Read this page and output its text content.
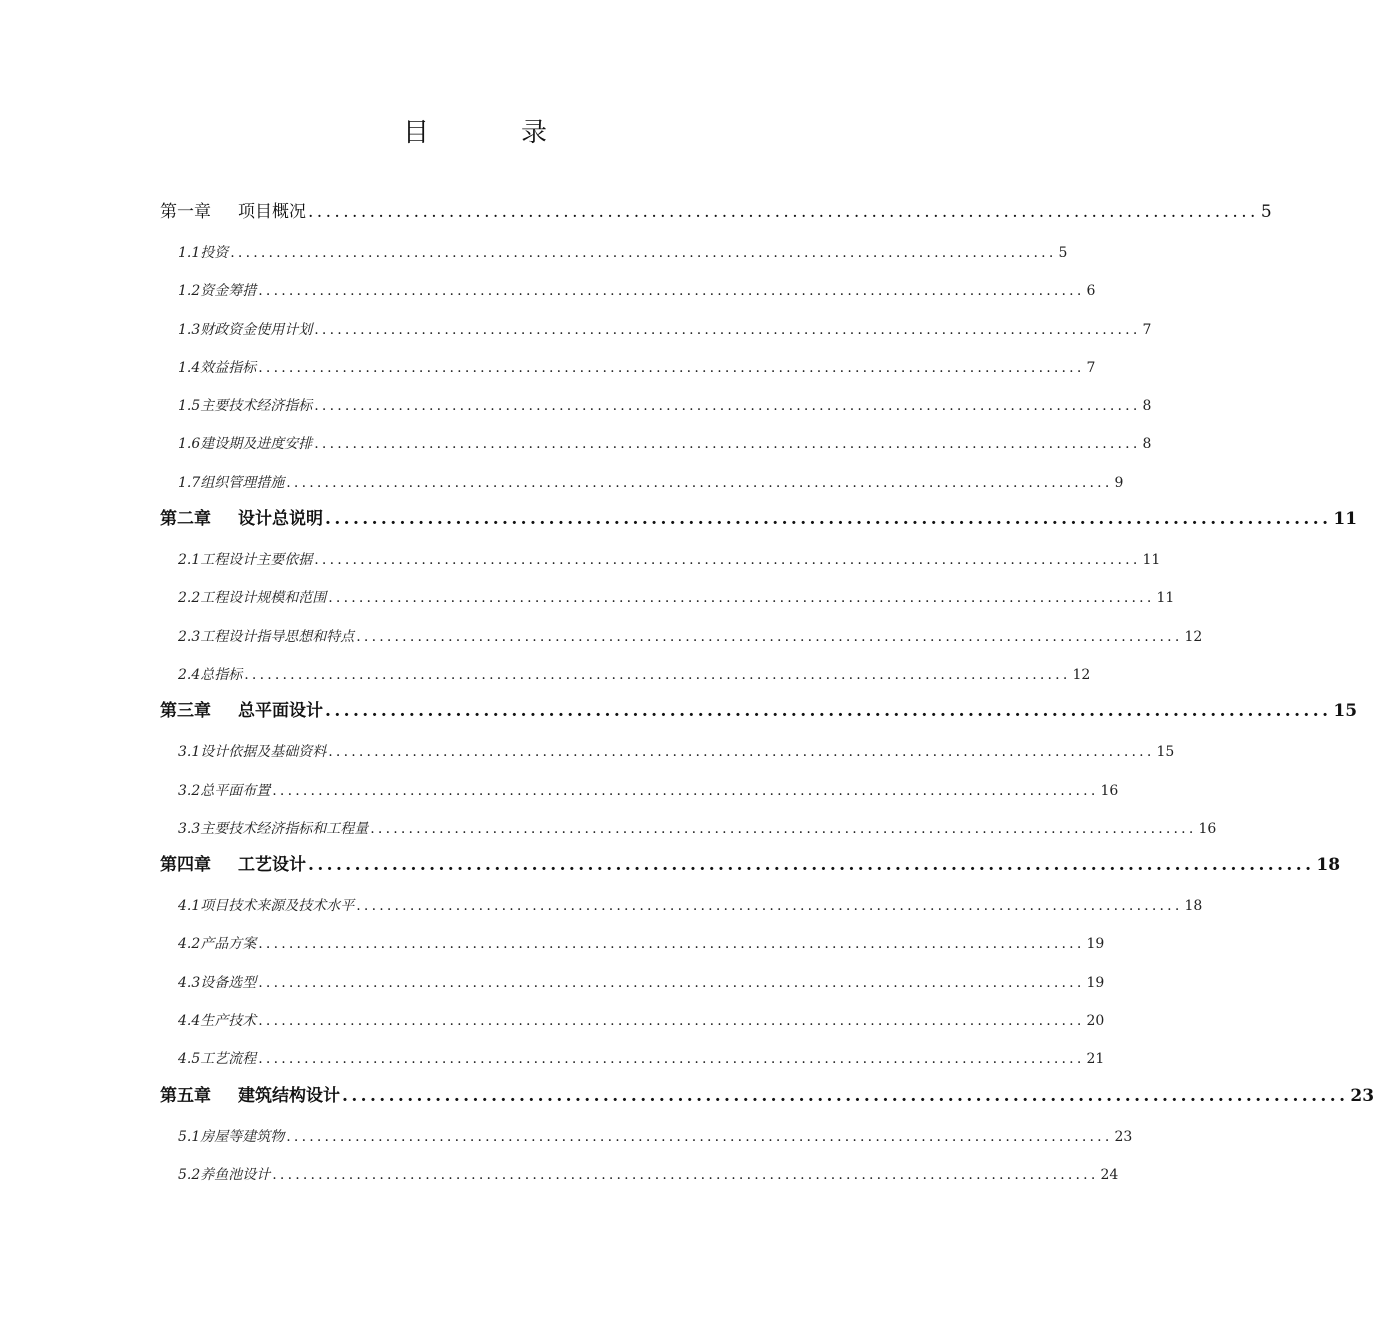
目	录
第一章 项目概况 ............................................................................................................ 5
1.1投资 ............................................................................................................ 5
1.2资金筹措 ............................................................................................................ 6
1.3财政资金使用计划 ............................................................................................................ 7
1.4效益指标 ............................................................................................................ 7
1.5主要技术经济指标 ............................................................................................................ 8
1.6建设期及进度安排 ............................................................................................................ 8
1.7组织管理措施 ............................................................................................................ 9
第二章 设计总说明 ............................................................................................................ 11
2.1工程设计主要依据 ............................................................................................................ 11
2.2工程设计规模和范围 ............................................................................................................ 11
2.3工程设计指导思想和特点 ............................................................................................................ 12
2.4总指标 ............................................................................................................ 12
第三章 总平面设计 ............................................................................................................ 15
3.1设计依据及基础资料 ............................................................................................................ 15
3.2总平面布置 ............................................................................................................ 16
3.3主要技术经济指标和工程量 ............................................................................................................ 16
第四章 工艺设计 ............................................................................................................ 18
4.1项目技术来源及技术水平 ............................................................................................................ 18
4.2产品方案 ............................................................................................................ 19
4.3设备选型 ............................................................................................................ 19
4.4生产技术 ............................................................................................................ 20
4.5工艺流程 ............................................................................................................ 21
第五章 建筑结构设计 ............................................................................................................ 23
5.1房屋等建筑物 ............................................................................................................ 23
5.2养鱼池设计 ............................................................................................................ 24
